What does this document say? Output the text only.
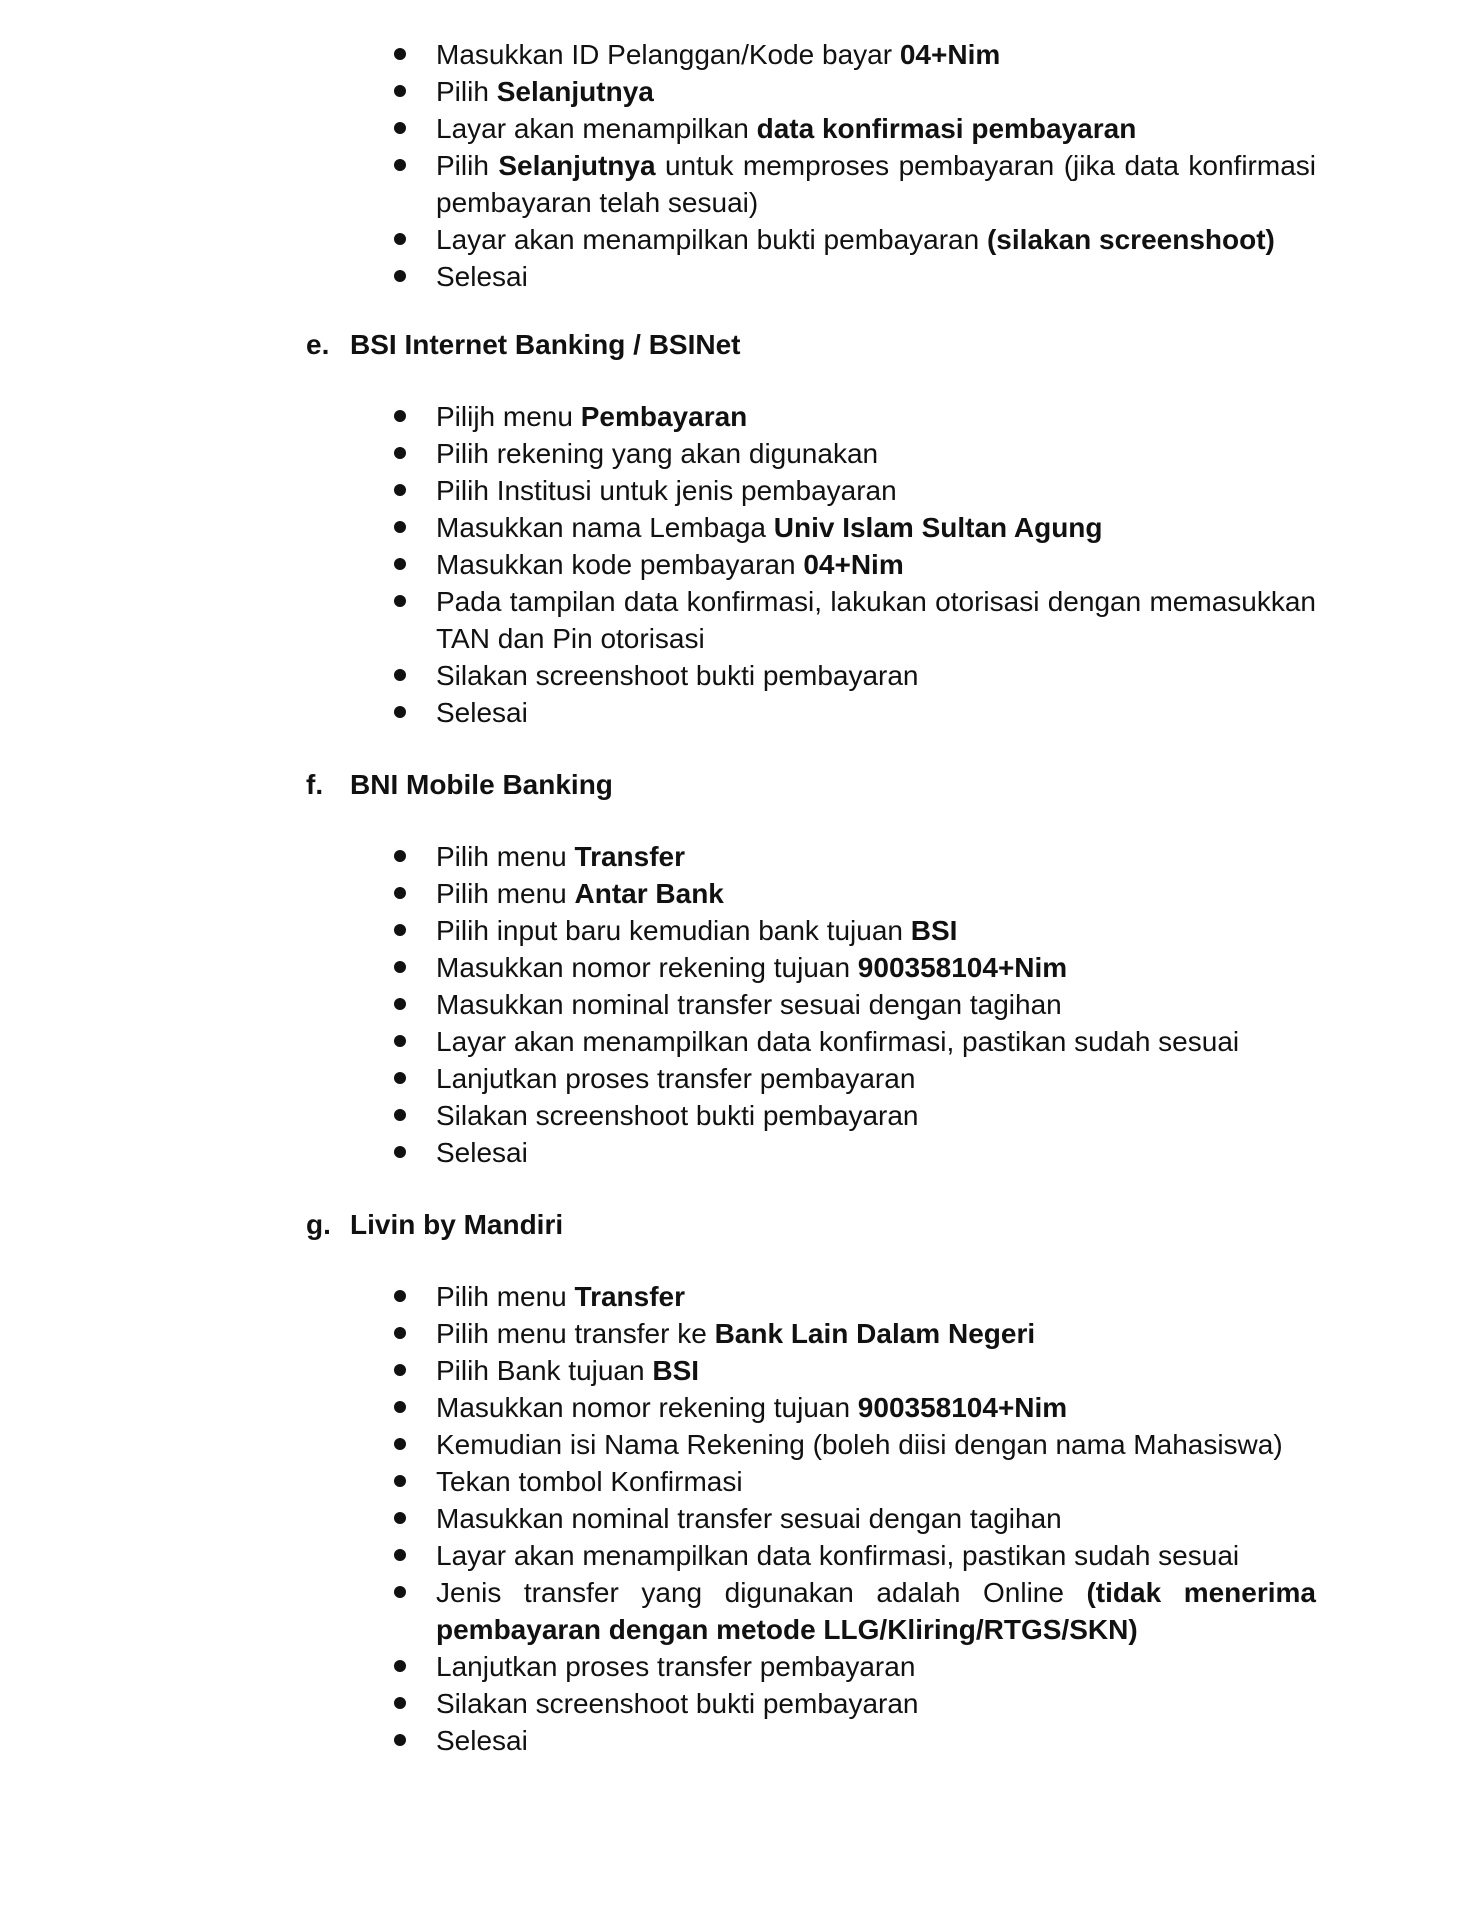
Masukkan ID Pelanggan/Kode bayar 04+Nim
Pilih Selanjutnya
Layar akan menampilkan data konfirmasi pembayaran
Pilih Selanjutnya untuk memproses pembayaran (jika data konfirmasi pembayaran telah sesuai)
Layar akan menampilkan bukti pembayaran (silakan screenshoot)
Selesai
e. BSI Internet Banking / BSINet
Pilijh menu Pembayaran
Pilih rekening yang akan digunakan
Pilih Institusi untuk jenis pembayaran
Masukkan nama Lembaga Univ Islam Sultan Agung
Masukkan kode pembayaran 04+Nim
Pada tampilan data konfirmasi, lakukan otorisasi dengan memasukkan TAN dan Pin otorisasi
Silakan screenshoot bukti pembayaran
Selesai
f. BNI Mobile Banking
Pilih menu Transfer
Pilih menu Antar Bank
Pilih input baru kemudian bank tujuan BSI
Masukkan nomor rekening tujuan 900358104+Nim
Masukkan nominal transfer sesuai dengan tagihan
Layar akan menampilkan data konfirmasi, pastikan sudah sesuai
Lanjutkan proses transfer pembayaran
Silakan screenshoot bukti pembayaran
Selesai
g. Livin by Mandiri
Pilih menu Transfer
Pilih menu transfer ke Bank Lain Dalam Negeri
Pilih Bank tujuan BSI
Masukkan nomor rekening tujuan 900358104+Nim
Kemudian isi Nama Rekening (boleh diisi dengan nama Mahasiswa)
Tekan tombol Konfirmasi
Masukkan nominal transfer sesuai dengan tagihan
Layar akan menampilkan data konfirmasi, pastikan sudah sesuai
Jenis transfer yang digunakan adalah Online (tidak menerima pembayaran dengan metode LLG/Kliring/RTGS/SKN)
Lanjutkan proses transfer pembayaran
Silakan screenshoot bukti pembayaran
Selesai
